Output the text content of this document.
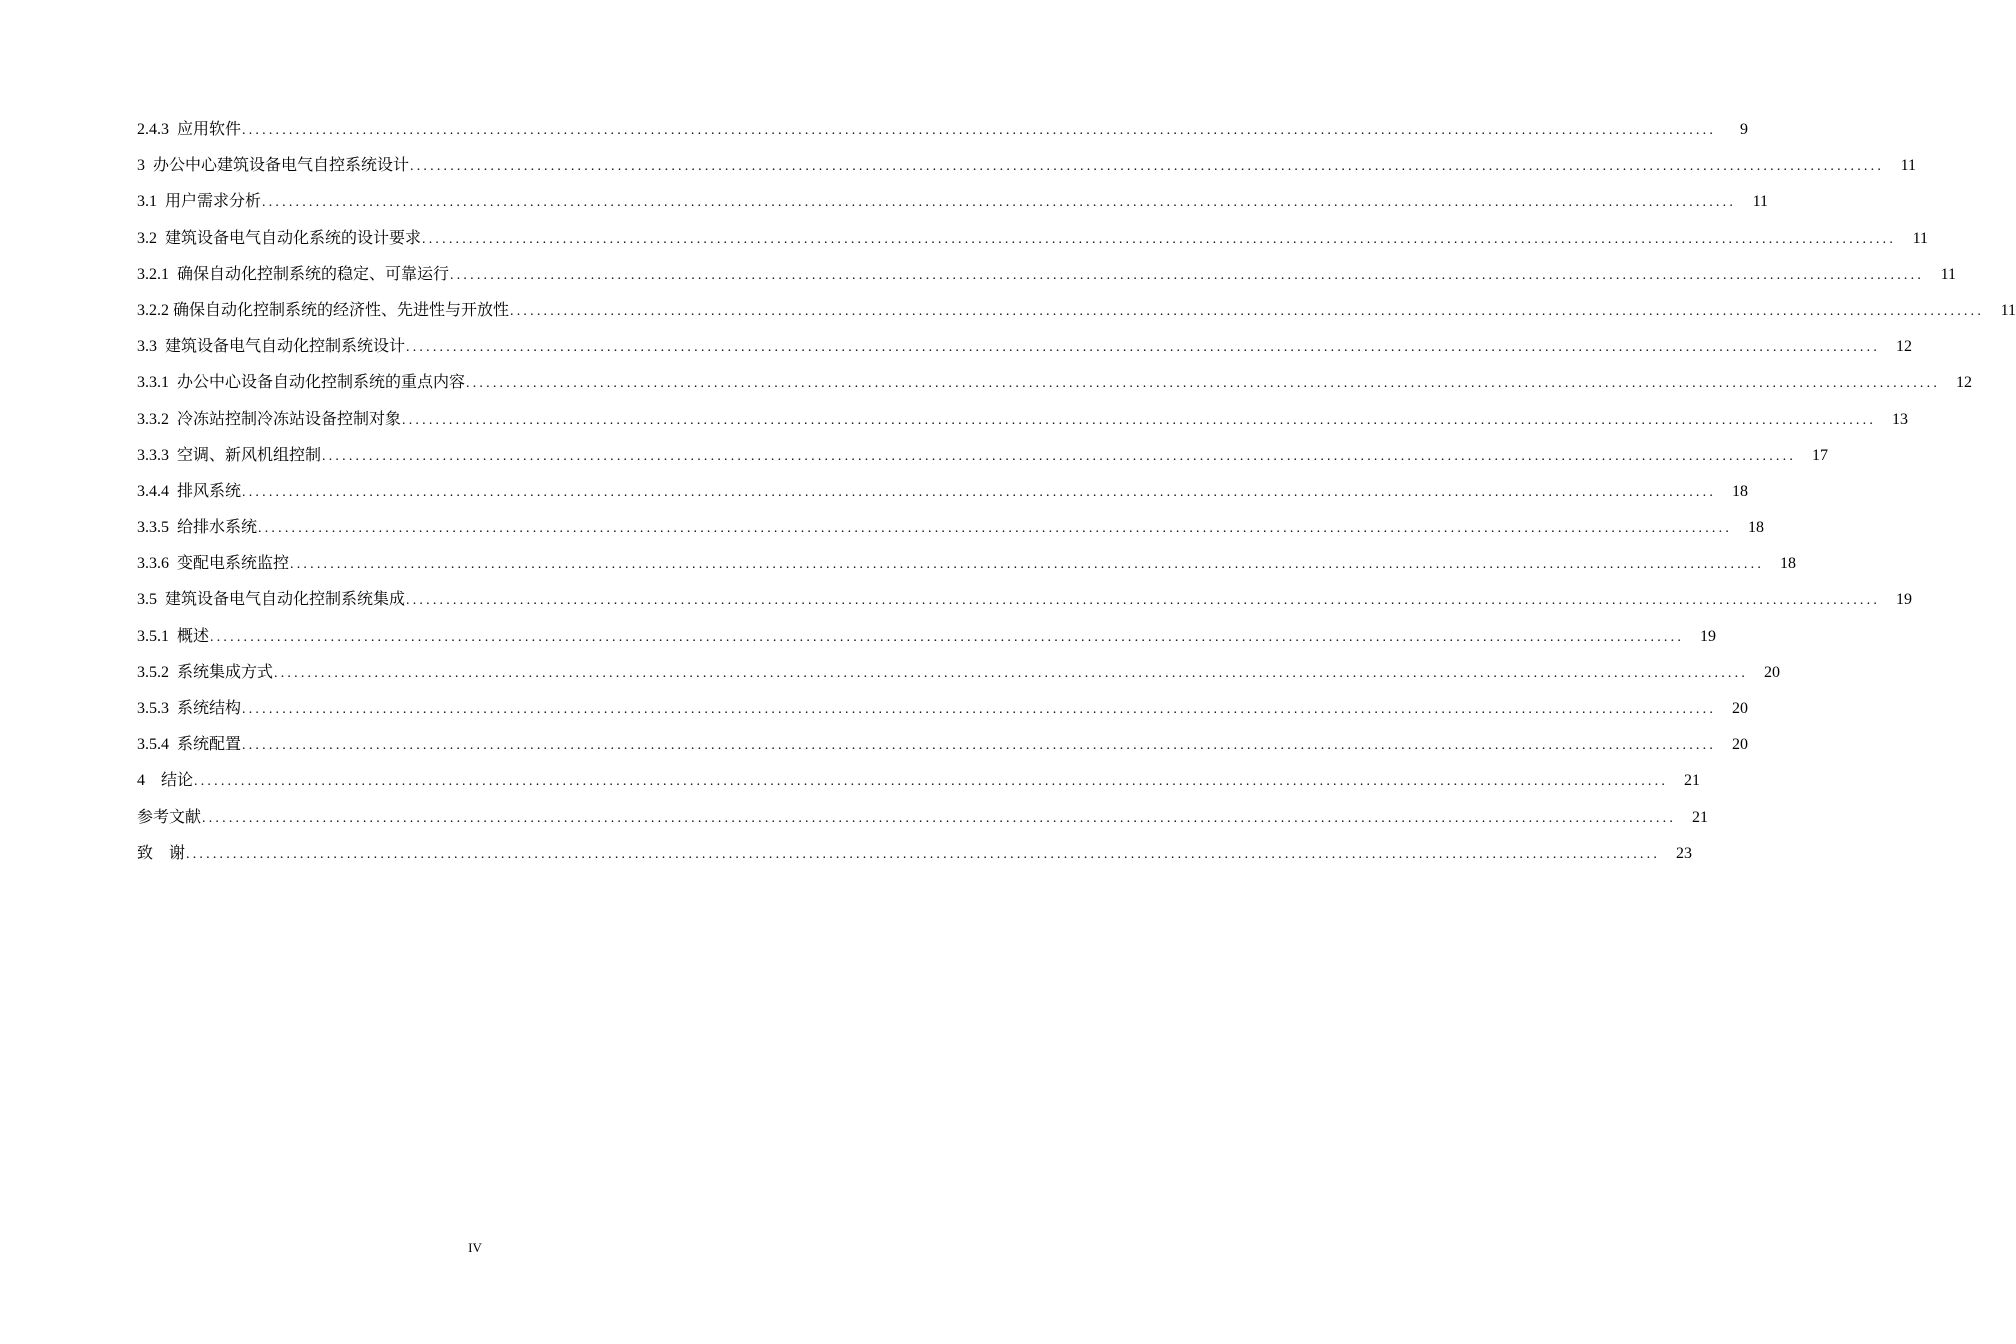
2.4.3  应用软件 ............................................................................................................................................................................................................................	9
3  办公中心建筑设备电气自控系统设计 ............................................................................................................................................................................................................................	11
3.1  用户需求分析 ............................................................................................................................................................................................................................	11
3.2  建筑设备电气自动化系统的设计要求 ............................................................................................................................................................................................................................	11
3.2.1  确保自动化控制系统的稳定、可靠运行 ............................................................................................................................................................................................................................	11
3.2.2 确保自动化控制系统的经济性、先进性与开放性 ............................................................................................................................................................................................................................	11
3.3  建筑设备电气自动化控制系统设计 ............................................................................................................................................................................................................................	12
3.3.1  办公中心设备自动化控制系统的重点内容 ............................................................................................................................................................................................................................	12
3.3.2  冷冻站控制冷冻站设备控制对象 ............................................................................................................................................................................................................................	13
3.3.3  空调、新风机组控制 ............................................................................................................................................................................................................................	17
3.4.4  排风系统 ............................................................................................................................................................................................................................	18
3.3.5  给排水系统 ............................................................................................................................................................................................................................	18
3.3.6  变配电系统监控 ............................................................................................................................................................................................................................	18
3.5  建筑设备电气自动化控制系统集成 ............................................................................................................................................................................................................................	19
3.5.1  概述 ............................................................................................................................................................................................................................	19
3.5.2  系统集成方式 ............................................................................................................................................................................................................................	20
3.5.3  系统结构 ............................................................................................................................................................................................................................	20
3.5.4  系统配置 ............................................................................................................................................................................................................................	20
4    结论 ............................................................................................................................................................................................................................	21
参考文献 ............................................................................................................................................................................................................................	21
致    谢 ............................................................................................................................................................................................................................	23
IV
